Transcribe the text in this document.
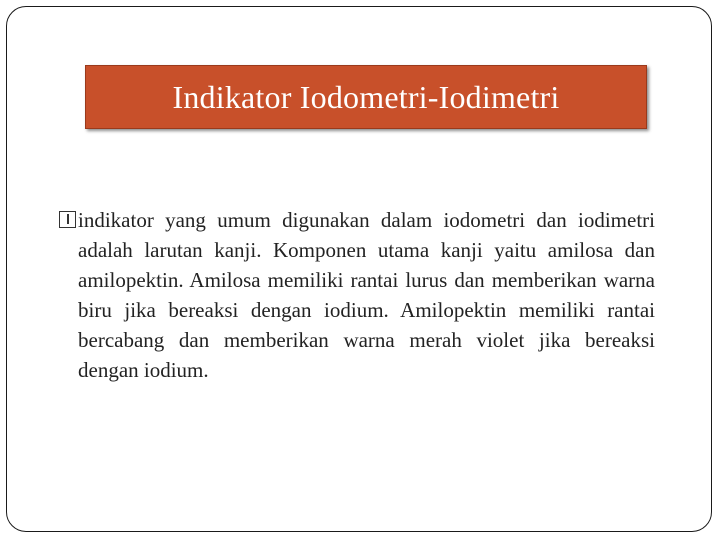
Indikator Iodometri-Iodimetri

indikator yang umum digunakan dalam iodometri dan iodimetri adalah larutan kanji. Komponen utama kanji yaitu amilosa dan amilopektin. Amilosa memiliki rantai lurus dan memberikan warna biru jika bereaksi dengan iodium. Amilopektin memiliki rantai bercabang dan memberikan warna merah violet jika bereaksi dengan iodium.
